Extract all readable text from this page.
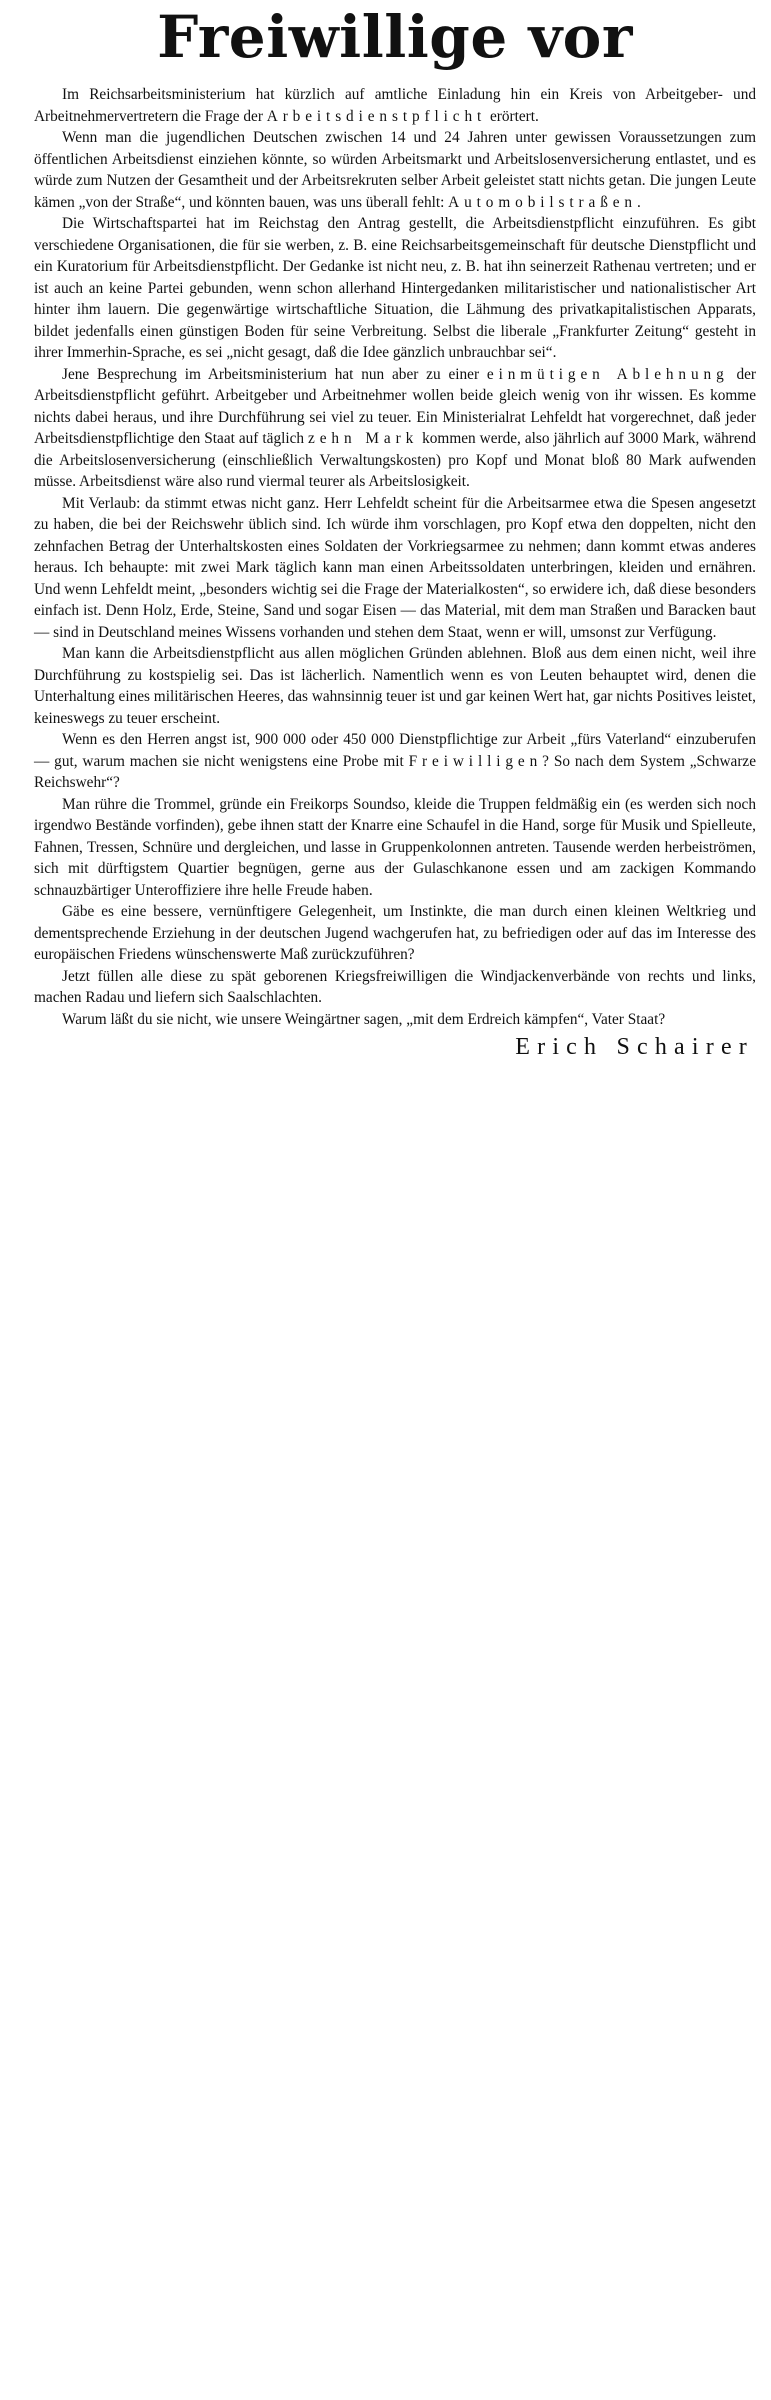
Freiwillige vor

Im Reichsarbeitsministerium hat kürzlich auf amtliche Einladung hin ein Kreis von Arbeitgeber- und Arbeitnehmervertretern die Frage der Arbeitsdienstpflicht erörtert.

Wenn man die jugendlichen Deutschen zwischen 14 und 24 Jahren unter gewissen Voraussetzungen zum öffentlichen Arbeitsdienst einziehen könnte, so würden Arbeitsmarkt und Arbeitslosenversicherung entlastet, und es würde zum Nutzen der Gesamtheit und der Arbeitsrekruten selber Arbeit geleistet statt nichts getan. Die jungen Leute kämen „von der Straße“, und könnten bauen, was uns überall fehlt: Automobilstraßen.

Die Wirtschaftspartei hat im Reichstag den Antrag gestellt, die Arbeitsdienstpflicht einzuführen. Es gibt verschiedene Organisationen, die für sie werben, z. B. eine Reichsarbeitsgemeinschaft für deutsche Dienstpflicht und ein Kuratorium für Arbeitsdienstpflicht. Der Gedanke ist nicht neu, z. B. hat ihn seinerzeit Rathenau vertreten; und er ist auch an keine Partei gebunden, wenn schon allerhand Hintergedanken militaristischer und nationalistischer Art hinter ihm lauern. Die gegenwärtige wirtschaftliche Situation, die Lähmung des privatkapitalistischen Apparats, bildet jedenfalls einen günstigen Boden für seine Verbreitung. Selbst die liberale „Frankfurter Zeitung“ gesteht in ihrer Immerhin-Sprache, es sei „nicht gesagt, daß die Idee gänzlich unbrauchbar sei“.

Jene Besprechung im Arbeitsministerium hat nun aber zu einer einmütigen Ablehnung der Arbeitsdienstpflicht geführt. Arbeitgeber und Arbeitnehmer wollen beide gleich wenig von ihr wissen. Es komme nichts dabei heraus, und ihre Durchführung sei viel zu teuer. Ein Ministerialrat Lehfeldt hat vorgerechnet, daß jeder Arbeitsdienstpflichtige den Staat auf täglich zehn Mark kommen werde, also jährlich auf 3000 Mark, während die Arbeitslosenversicherung (einschließlich Verwaltungskosten) pro Kopf und Monat bloß 80 Mark aufwenden müsse. Arbeitsdienst wäre also rund viermal teurer als Arbeitslosigkeit.

Mit Verlaub: da stimmt etwas nicht ganz. Herr Lehfeldt scheint für die Arbeitsarmee etwa die Spesen angesetzt zu haben, die bei der Reichswehr üblich sind. Ich würde ihm vorschlagen, pro Kopf etwa den doppelten, nicht den zehnfachen Betrag der Unterhaltskosten eines Soldaten der Vorkriegsarmee zu nehmen; dann kommt etwas anderes heraus. Ich behaupte: mit zwei Mark täglich kann man einen Arbeitssoldaten unterbringen, kleiden und ernähren. Und wenn Lehfeldt meint, „besonders wichtig sei die Frage der Materialkosten“, so erwidere ich, daß diese besonders einfach ist. Denn Holz, Erde, Steine, Sand und sogar Eisen — das Material, mit dem man Straßen und Baracken baut — sind in Deutschland meines Wissens vorhanden und stehen dem Staat, wenn er will, umsonst zur Verfügung.

Man kann die Arbeitsdienstpflicht aus allen möglichen Gründen ablehnen. Bloß aus dem einen nicht, weil ihre Durchführung zu kostspielig sei. Das ist lächerlich. Namentlich wenn es von Leuten behauptet wird, denen die Unterhaltung eines militärischen Heeres, das wahnsinnig teuer ist und gar keinen Wert hat, gar nichts Positives leistet, keineswegs zu teuer erscheint.

Wenn es den Herren angst ist, 900 000 oder 450 000 Dienstpflichtige zur Arbeit „fürs Vaterland“ einzuberufen — gut, warum machen sie nicht wenigstens eine Probe mit Freiwilligen? So nach dem System „Schwarze Reichswehr“?

Man rühre die Trommel, gründe ein Freikorps Soundso, kleide die Truppen feldmäßig ein (es werden sich noch irgendwo Bestände vorfinden), gebe ihnen statt der Knarre eine Schaufel in die Hand, sorge für Musik und Spielleute, Fahnen, Tressen, Schnüre und dergleichen, und lasse in Gruppenkolonnen antreten. Tausende werden herbeiströmen, sich mit dürftigstem Quartier begnügen, gerne aus der Gulaschkanone essen und am zackigen Kommando schnauzbärtiger Unteroffiziere ihre helle Freude haben.

Gäbe es eine bessere, vernünftigere Gelegenheit, um Instinkte, die man durch einen kleinen Weltkrieg und dementsprechende Erziehung in der deutschen Jugend wachgerufen hat, zu befriedigen oder auf das im Interesse des europäischen Friedens wünschenswerte Maß zurückzuführen?

Jetzt füllen alle diese zu spät geborenen Kriegsfreiwilligen die Windjackenverbände von rechts und links, machen Radau und liefern sich Saalschlachten.

Warum läßt du sie nicht, wie unsere Weingärtner sagen, „mit dem Erdreich kämpfen“, Vater Staat?

Erich Schairer
